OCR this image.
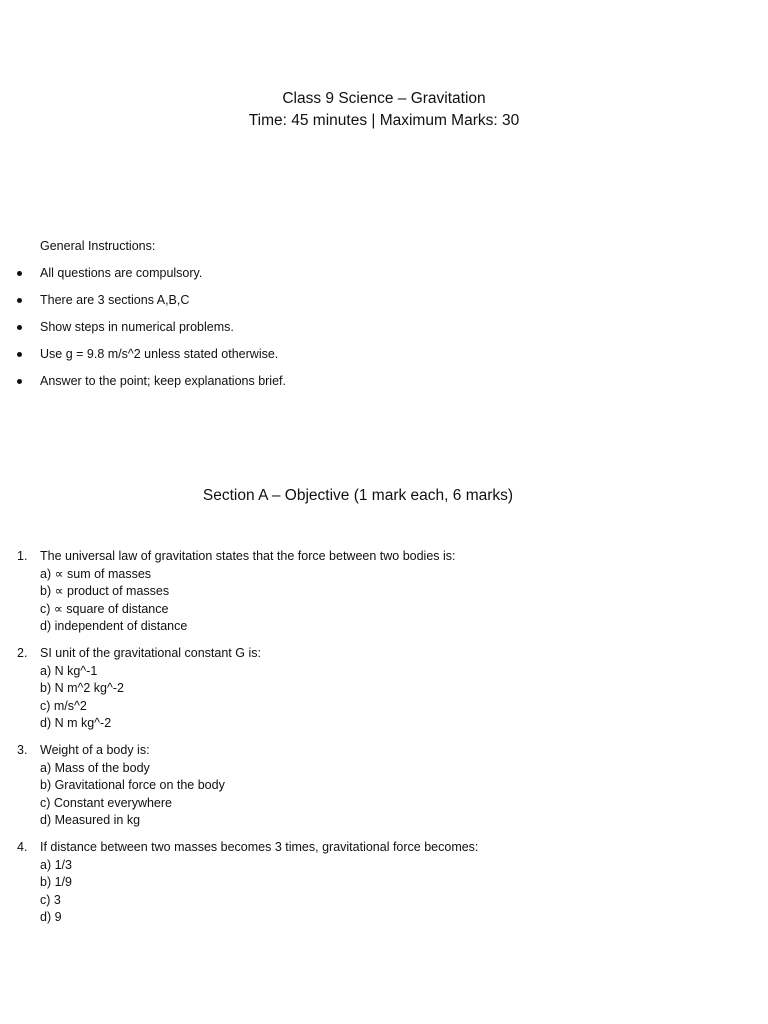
Class 9 Science – Gravitation
Time: 45 minutes | Maximum Marks: 30
General Instructions:
All questions are compulsory.
There are 3 sections A,B,C
Show steps in numerical problems.
Use g = 9.8 m/s^2 unless stated otherwise.
Answer to the point; keep explanations brief.
Section A – Objective (1 mark each, 6 marks)
1. The universal law of gravitation states that the force between two bodies is:
a) ∝ sum of masses
b) ∝ product of masses
c) ∝ square of distance
d) independent of distance
2. SI unit of the gravitational constant G is:
a) N kg^-1
b) N m^2 kg^-2
c) m/s^2
d) N m kg^-2
3. Weight of a body is:
a) Mass of the body
b) Gravitational force on the body
c) Constant everywhere
d) Measured in kg
4. If distance between two masses becomes 3 times, gravitational force becomes:
a) 1/3
b) 1/9
c) 3
d) 9
